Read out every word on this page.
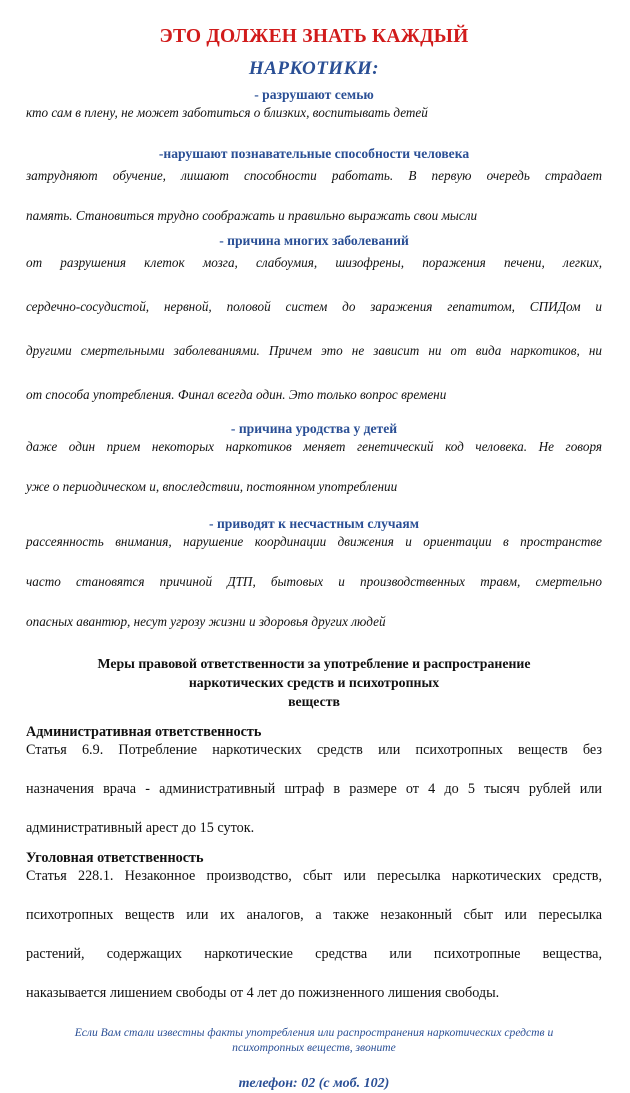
ЭТО ДОЛЖЕН ЗНАТЬ КАЖДЫЙ
НАРКОТИКИ:
- разрушают семью
кто сам в плену, не может заботиться о близких, воспитывать детей
-нарушают познавательные способности человека
затрудняют обучение, лишают способности работать. В первую очередь страдает
память. Становиться трудно соображать и правильно выражать свои мысли
- причина многих заболеваний
от разрушения клеток мозга, слабоумия, шизофрены, поражения печени, легких,
сердечно-сосудистой, нервной, половой систем до заражения гепатитом, СПИДом и
другими смертельными заболеваниями. Причем это не зависит ни от вида наркотиков, ни
от способа употребления. Финал всегда один. Это только вопрос времени
- причина уродства у детей
даже один прием некоторых наркотиков меняет генетический код человека. Не говоря
уже о периодическом и, впоследствии, постоянном употреблении
- приводят к несчастным случаям
рассеянность внимания, нарушение координации движения и ориентации в пространстве
часто становятся причиной ДТП, бытовых и производственных травм, смертельно
опасных авантюр, несут угрозу жизни и здоровья других людей
Меры правовой ответственности за употребление и распространение
наркотических средств и психотропных
веществ
Административная ответственность
Статья 6.9. Потребление наркотических средств или психотропных веществ без
назначения врача - административный штраф в размере от 4 до 5 тысяч рублей или
административный арест до 15 суток.
Уголовная ответственность
Статья 228.1. Незаконное производство, сбыт или пересылка наркотических средств,
психотропных веществ или их аналогов, а также незаконный сбыт или пересылка
растений, содержащих наркотические средства или психотропные вещества,
наказывается лишением свободы от 4 лет до пожизненного лишения свободы.
Если Вам стали известны факты употребления или распространения наркотических средств и
психотропных веществ, звоните
телефон: 02 (с моб. 102)
